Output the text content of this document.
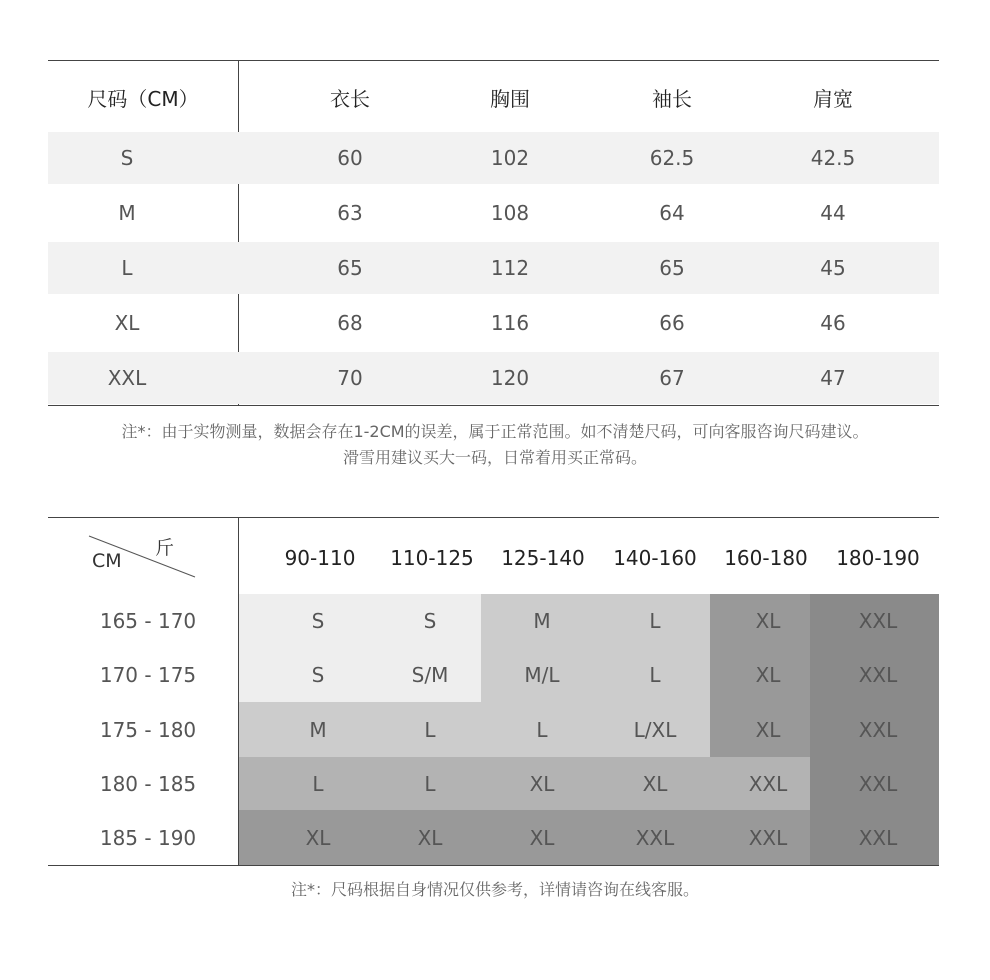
尺码（CM）	衣长	胸围	袖长	肩宽
S	60	102	62.5	42.5
M	63	108	64	44
L	65	112	65	45
XL	68	116	66	46
XXL	70	120	67	47
注*：由于实物测量，数据会存在1-2CM的误差，属于正常范围。如不清楚尺码，可向客服咨询尺码建议。
滑雪用建议买大一码，日常着用买正常码。
斤
CM	90-110	110-125	125-140	140-160	160-180	180-190
165 - 170	S	S	M	L	XL	XXL
170 - 175	S	S/M	M/L	L	XL	XXL
175 - 180	M	L	L	L/XL	XL	XXL
180 - 185	L	L	XL	XL	XXL	XXL
185 - 190	XL	XL	XL	XXL	XXL	XXL
注*：尺码根据自身情况仅供参考，详情请咨询在线客服。
